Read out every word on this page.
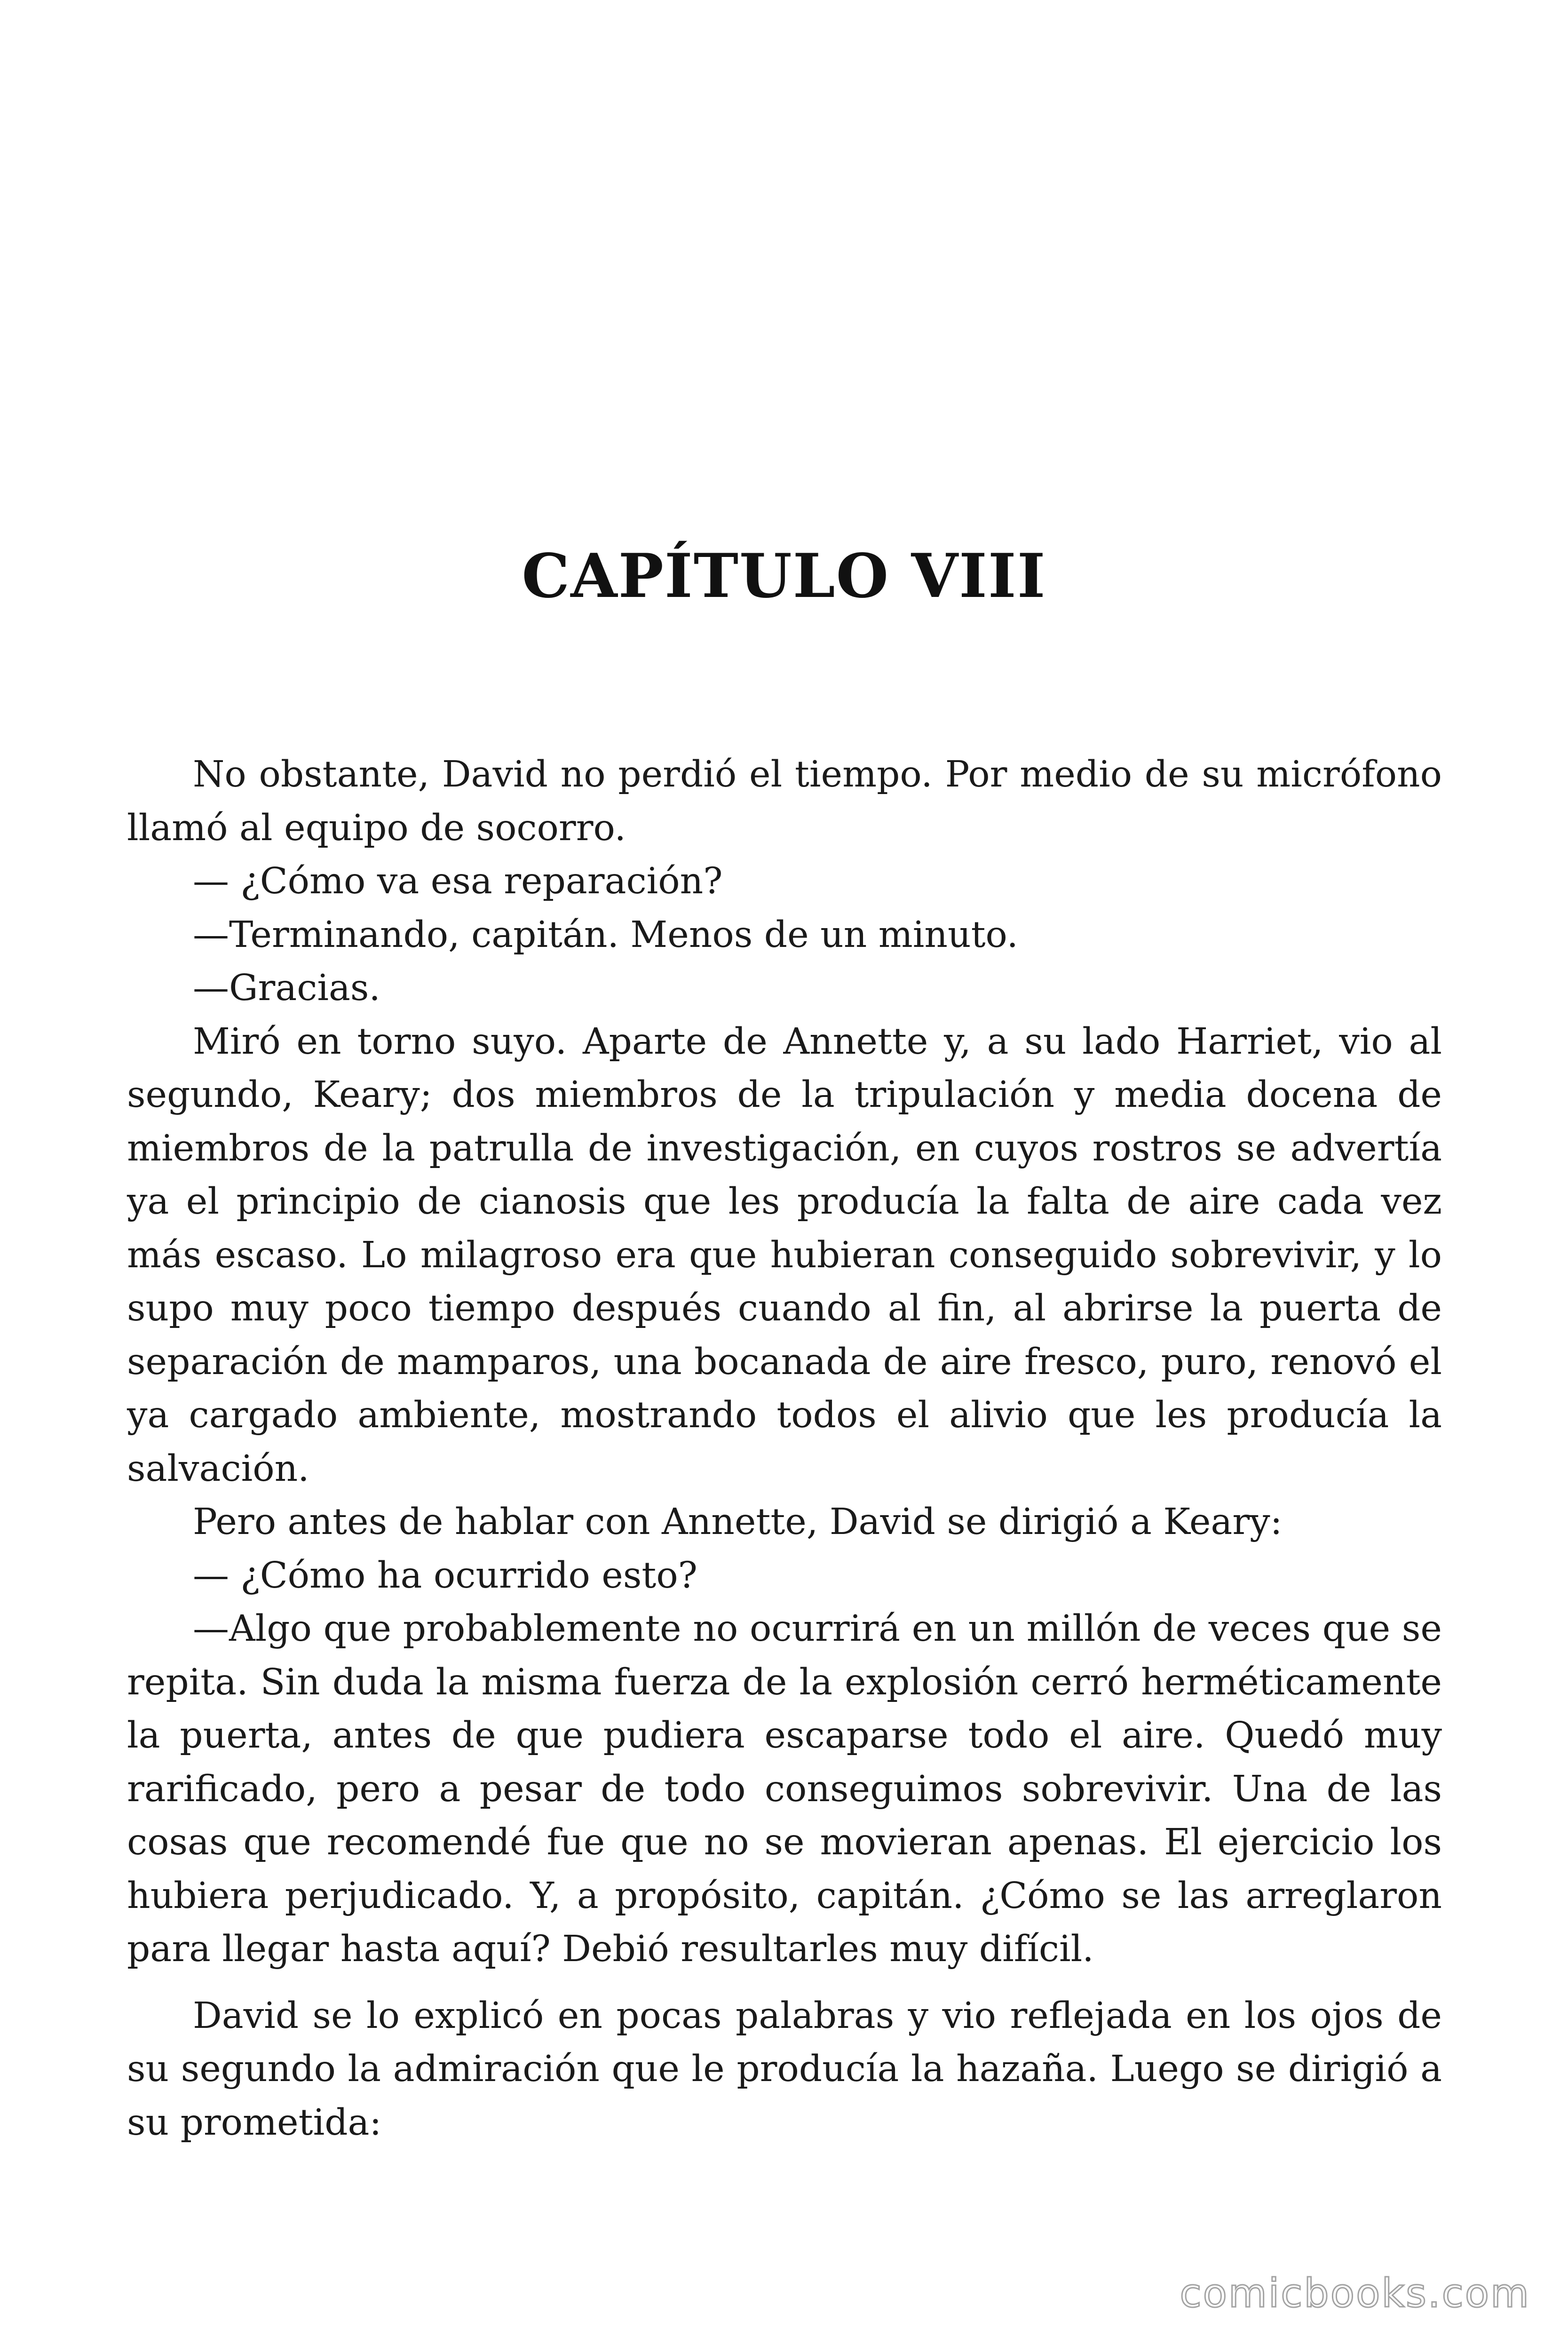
CAPÍTULO VIII

No obstante, David no perdió el tiempo. Por medio de su micrófono llamó al equipo de socorro.

— ¿Cómo va esa reparación?

—Terminando, capitán. Menos de un minuto.

—Gracias.

Miró en torno suyo. Aparte de Annette y, a su lado Harriet, vio al segundo, Keary; dos miembros de la tripulación y media docena de miembros de la patrulla de investigación, en cuyos rostros se advertía ya el principio de cianosis que les producía la falta de aire cada vez más escaso. Lo milagroso era que hubieran conseguido sobrevivir, y lo supo muy poco tiempo después cuando al fin, al abrirse la puerta de separación de mamparos, una bocanada de aire fresco, puro, renovó el ya cargado ambiente, mostrando todos el alivio que les producía la salvación.

Pero antes de hablar con Annette, David se dirigió a Keary:

— ¿Cómo ha ocurrido esto?

—Algo que probablemente no ocurrirá en un millón de veces que se repita. Sin duda la misma fuerza de la explosión cerró herméticamente la puerta, antes de que pudiera escaparse todo el aire. Quedó muy rarificado, pero a pesar de todo conseguimos sobrevivir. Una de las cosas que recomendé fue que no se movieran apenas. El ejercicio los hubiera perjudicado. Y, a propósito, capitán. ¿Cómo se las arreglaron para llegar hasta aquí? Debió resultarles muy difícil.

David se lo explicó en pocas palabras y vio reflejada en los ojos de su segundo la admiración que le producía la hazaña. Luego se dirigió a su prometida:

comicbooks.com
